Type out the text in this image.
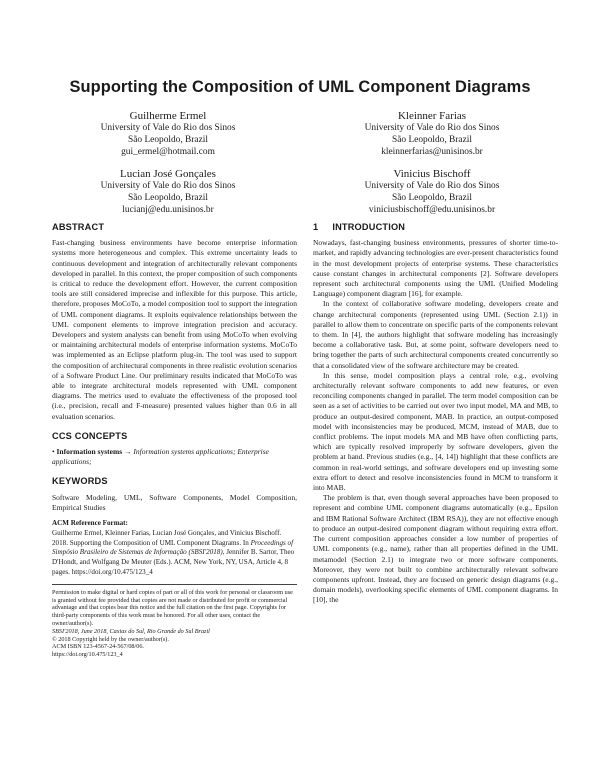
Supporting the Composition of UML Component Diagrams
Guilherme Ermel
University of Vale do Rio dos Sinos
São Leopoldo, Brazil
gui_ermel@hotmail.com
Kleinner Farias
University of Vale do Rio dos Sinos
São Leopoldo, Brazil
kleinnerfarias@unisinos.br
Lucian José Gonçales
University of Vale do Rio dos Sinos
São Leopoldo, Brazil
lucianj@edu.unisinos.br
Vinicius Bischoff
University of Vale do Rio dos Sinos
São Leopoldo, Brazil
viniciusbischoff@edu.unisinos.br
ABSTRACT

Fast-changing business environments have become enterprise information systems more heterogeneous and complex. This extreme uncertainty leads to continuous development and integration of architecturally relevant components developed in parallel. In this context, the proper composition of such components is critical to reduce the development effort. However, the current composition tools are still considered imprecise and inflexible for this purpose. This article, therefore, proposes MoCoTo, a model composition tool to support the integration of UML component diagrams. It exploits equivalence relationships between the UML component elements to improve integration precision and accuracy. Developers and system analysts can benefit from using MoCoTo when evolving or maintaining architectural models of enterprise information systems. MoCoTo was implemented as an Eclipse platform plug-in. The tool was used to support the composition of architectural components in three realistic evolution scenarios of a Software Product Line. Our preliminary results indicated that MoCoTo was able to integrate architectural models represented with UML component diagrams. The metrics used to evaluate the effectiveness of the proposed tool (i.e., precision, recall and F-measure) presented values higher than 0.6 in all evaluation scenarios.

CCS CONCEPTS

• Information systems → Information systems applications; Enterprise applications;

KEYWORDS

Software Modeling, UML, Software Components, Model Composition, Empirical Studies

ACM Reference Format:

Guilherme Ermel, Kleinner Farias, Lucian José Gonçales, and Vinicius Bischoff. 2018. Supporting the Composition of UML Component Diagrams. In Proceedings of Simpósio Brasileiro de Sistemas de Informação (SBSI'2018), Jennifer B. Sartor, Theo D'Hondt, and Wolfgang De Meuter (Eds.). ACM, New York, NY, USA, Article 4, 8 pages. https://doi.org/10.475/123_4

Permission to make digital or hard copies of part or all of this work for personal or classroom use is granted without fee provided that copies are not made or distributed for profit or commercial advantage and that copies bear this notice and the full citation on the first page. Copyrights for third-party components of this work must be honored. For all other uses, contact the owner/author(s).

SBSI'2018, June 2018, Caxias do Sul, Rio Grande do Sul Brazil

© 2018 Copyright held by the owner/author(s).

ACM ISBN 123-4567-24-567/08/06.

https://doi.org/10.475/123_4

1 INTRODUCTION

Nowadays, fast-changing business environments, pressures of shorter time-to-market, and rapidly advancing technologies are ever-present characteristics found in the most development projects of enterprise systems. These characteristics cause constant changes in architectural components [2]. Software developers represent such architectural components using the UML (Unified Modeling Language) component diagram [16], for example.

In the context of collaborative software modeling, developers create and change architectural components (represented using UML (Section 2.1)) in parallel to allow them to concentrate on specific parts of the components relevant to them. In [4], the authors highlight that software modeling has increasingly become a collaborative task. But, at some point, software developers need to bring together the parts of such architectural components created concurrently so that a consolidated view of the software architecture may be created.

In this sense, model composition plays a central role, e.g., evolving architecturally relevant software components to add new features, or even reconciling components changed in parallel. The term model composition can be seen as a set of activities to be carried out over two input model, MA and MB, to produce an output-desired component, MAB. In practice, an output-composed model with inconsistencies may be produced, MCM, instead of MAB, due to conflict problems. The input models MA and MB have often conflicting parts, which are typically resolved improperly by software developers, given the problem at hand. Previous studies (e.g., [4, 14]) highlight that these conflicts are common in real-world settings, and software developers end up investing some extra effort to detect and resolve inconsistencies found in MCM to transform it into MAB.

The problem is that, even though several approaches have been proposed to represent and combine UML component diagrams automatically (e.g., Epsilon and IBM Rational Software Architect (IBM RSA)), they are not effective enough to produce an output-desired component diagram without requiring extra effort. The current composition approaches consider a low number of properties of UML components (e.g., name), rather than all properties defined in the UML metamodel (Section 2.1) to integrate two or more software components. Moreover, they were not built to combine architecturally relevant software components upfront. Instead, they are focused on generic design diagrams (e.g., domain models), overlooking specific elements of UML component diagrams. In [10], the
